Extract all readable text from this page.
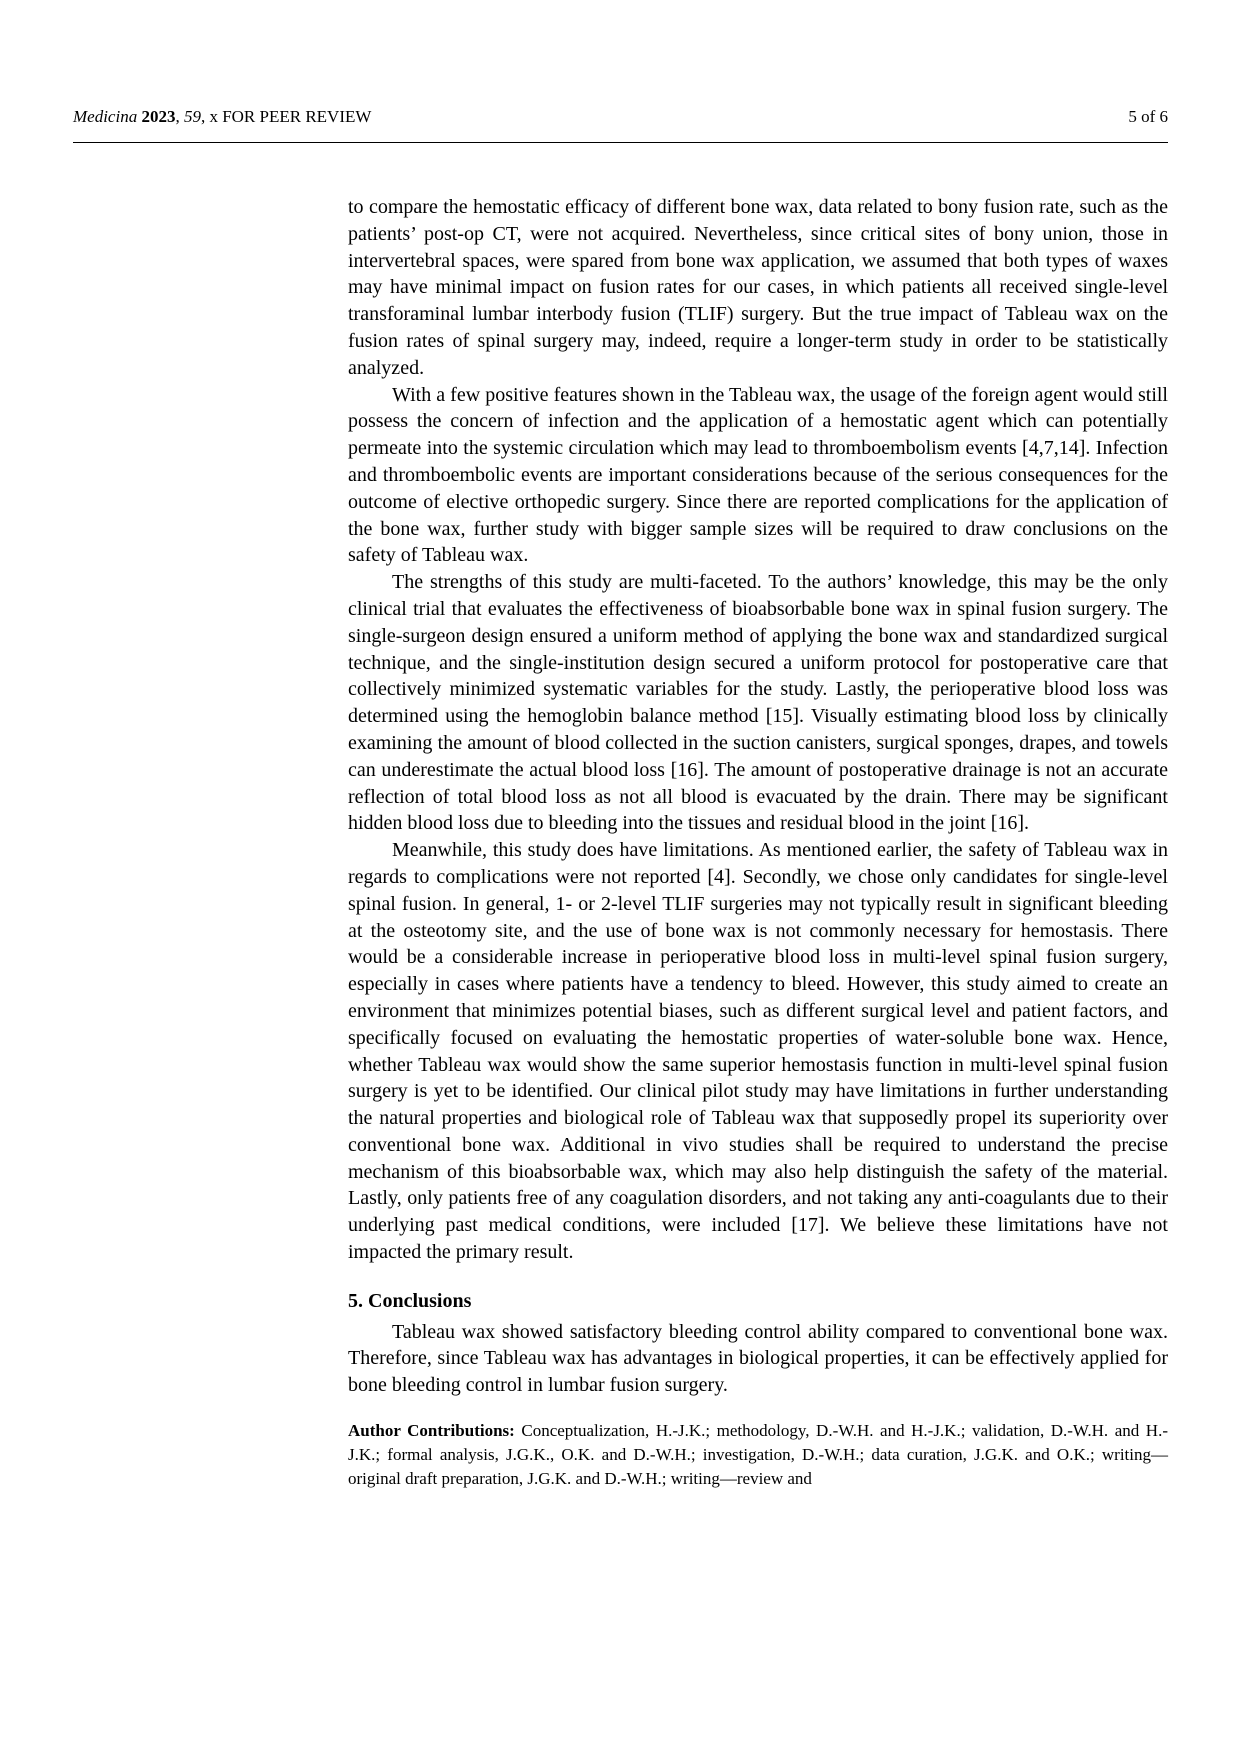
Medicina 2023, 59, x FOR PEER REVIEW	5 of 6

to compare the hemostatic efficacy of different bone wax, data related to bony fusion rate, such as the patients’ post-op CT, were not acquired. Nevertheless, since critical sites of bony union, those in intervertebral spaces, were spared from bone wax application, we assumed that both types of waxes may have minimal impact on fusion rates for our cases, in which patients all received single-level transforaminal lumbar interbody fusion (TLIF) surgery. But the true impact of Tableau wax on the fusion rates of spinal surgery may, indeed, require a longer-term study in order to be statistically analyzed.

With a few positive features shown in the Tableau wax, the usage of the foreign agent would still possess the concern of infection and the application of a hemostatic agent which can potentially permeate into the systemic circulation which may lead to thromboembolism events [4,7,14]. Infection and thromboembolic events are important considerations because of the serious consequences for the outcome of elective orthopedic surgery. Since there are reported complications for the application of the bone wax, further study with bigger sample sizes will be required to draw conclusions on the safety of Tableau wax.

The strengths of this study are multi-faceted. To the authors’ knowledge, this may be the only clinical trial that evaluates the effectiveness of bioabsorbable bone wax in spinal fusion surgery. The single-surgeon design ensured a uniform method of applying the bone wax and standardized surgical technique, and the single-institution design secured a uniform protocol for postoperative care that collectively minimized systematic variables for the study. Lastly, the perioperative blood loss was determined using the hemoglobin balance method [15]. Visually estimating blood loss by clinically examining the amount of blood collected in the suction canisters, surgical sponges, drapes, and towels can underestimate the actual blood loss [16]. The amount of postoperative drainage is not an accurate reflection of total blood loss as not all blood is evacuated by the drain. There may be significant hidden blood loss due to bleeding into the tissues and residual blood in the joint [16].

Meanwhile, this study does have limitations. As mentioned earlier, the safety of Tableau wax in regards to complications were not reported [4]. Secondly, we chose only candidates for single-level spinal fusion. In general, 1- or 2-level TLIF surgeries may not typically result in significant bleeding at the osteotomy site, and the use of bone wax is not commonly necessary for hemostasis. There would be a considerable increase in perioperative blood loss in multi-level spinal fusion surgery, especially in cases where patients have a tendency to bleed. However, this study aimed to create an environment that minimizes potential biases, such as different surgical level and patient factors, and specifically focused on evaluating the hemostatic properties of water-soluble bone wax. Hence, whether Tableau wax would show the same superior hemostasis function in multi-level spinal fusion surgery is yet to be identified. Our clinical pilot study may have limitations in further understanding the natural properties and biological role of Tableau wax that supposedly propel its superiority over conventional bone wax. Additional in vivo studies shall be required to understand the precise mechanism of this bioabsorbable wax, which may also help distinguish the safety of the material. Lastly, only patients free of any coagulation disorders, and not taking any anti-coagulants due to their underlying past medical conditions, were included [17]. We believe these limitations have not impacted the primary result.

5. Conclusions

Tableau wax showed satisfactory bleeding control ability compared to conventional bone wax. Therefore, since Tableau wax has advantages in biological properties, it can be effectively applied for bone bleeding control in lumbar fusion surgery.

Author Contributions: Conceptualization, H.-J.K.; methodology, D.-W.H. and H.-J.K.; validation, D.-W.H. and H.-J.K.; formal analysis, J.G.K., O.K. and D.-W.H.; investigation, D.-W.H.; data curation, J.G.K. and O.K.; writing—original draft preparation, J.G.K. and D.-W.H.; writing—review and
